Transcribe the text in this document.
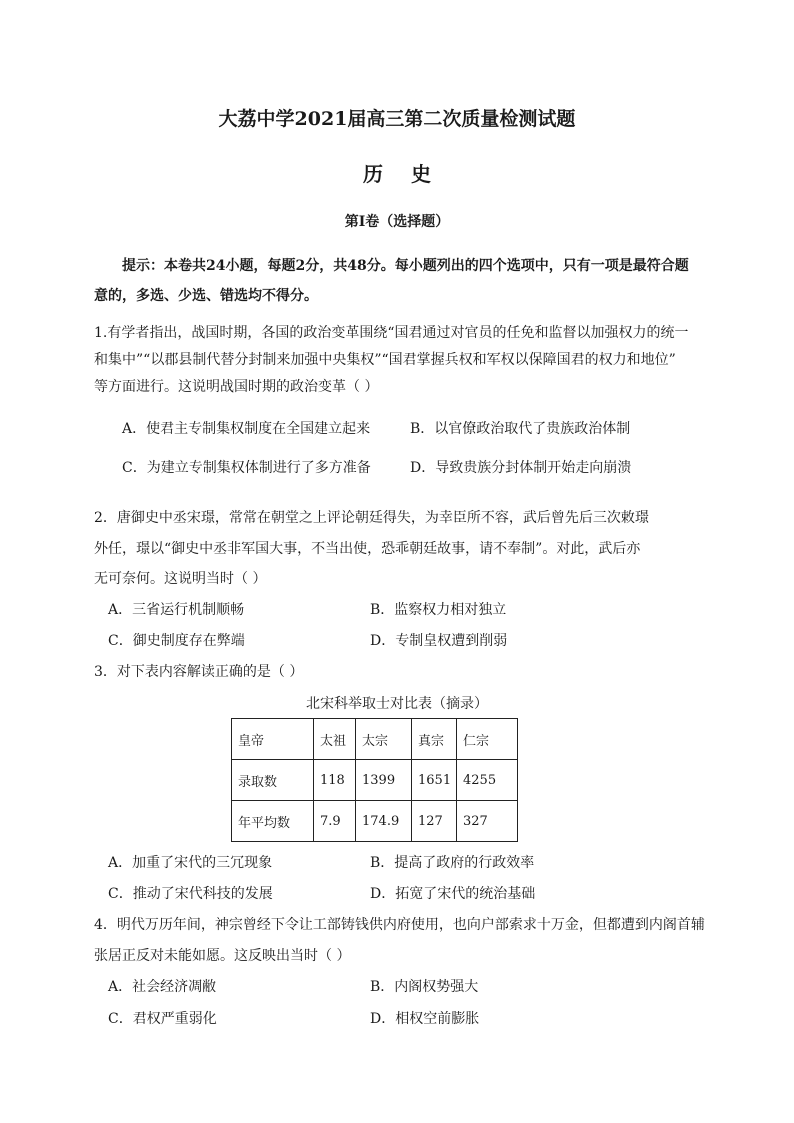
大荔中学2021届高三第二次质量检测试题
历史
第I卷（选择题）
提示：本卷共24小题，每题2分，共48分。每小题列出的四个选项中，只有一项是最符合题
意的，多选、少选、错选均不得分。
1.有学者指出，战国时期，各国的政治变革围绕“国君通过对官员的任免和监督以加强权力的统一
和集中”“以郡县制代替分封制来加强中央集权”“国君掌握兵权和军权以保障国君的权力和地位”
等方面进行。这说明战国时期的政治变革（ ）
A．使君主专制集权制度在全国建立起来	B．以官僚政治取代了贵族政治体制
C．为建立专制集权体制进行了多方准备	D．导致贵族分封体制开始走向崩溃
2．唐御史中丞宋璟，常常在朝堂之上评论朝廷得失，为幸臣所不容，武后曾先后三次敕璟
外任，璟以“御史中丞非军国大事，不当出使，恐乖朝廷故事，请不奉制”。对此，武后亦
无可奈何。这说明当时（ ）
A．三省运行机制顺畅	B．监察权力相对独立
C．御史制度存在弊端	D．专制皇权遭到削弱
3．对下表内容解读正确的是（ ）
北宋科举取士对比表（摘录）
皇帝	太祖	太宗	真宗	仁宗
录取数	118	1399	1651	4255
年平均数	7.9	174.9	127	327
A．加重了宋代的三冗现象	B．提高了政府的行政效率
C．推动了宋代科技的发展	D．拓宽了宋代的统治基础
4．明代万历年间，神宗曾经下令让工部铸钱供内府使用，也向户部索求十万金，但都遭到内阁首辅
张居正反对未能如愿。这反映出当时（ ）
A．社会经济凋敝	B．内阁权势强大
C．君权严重弱化	D．相权空前膨胀
